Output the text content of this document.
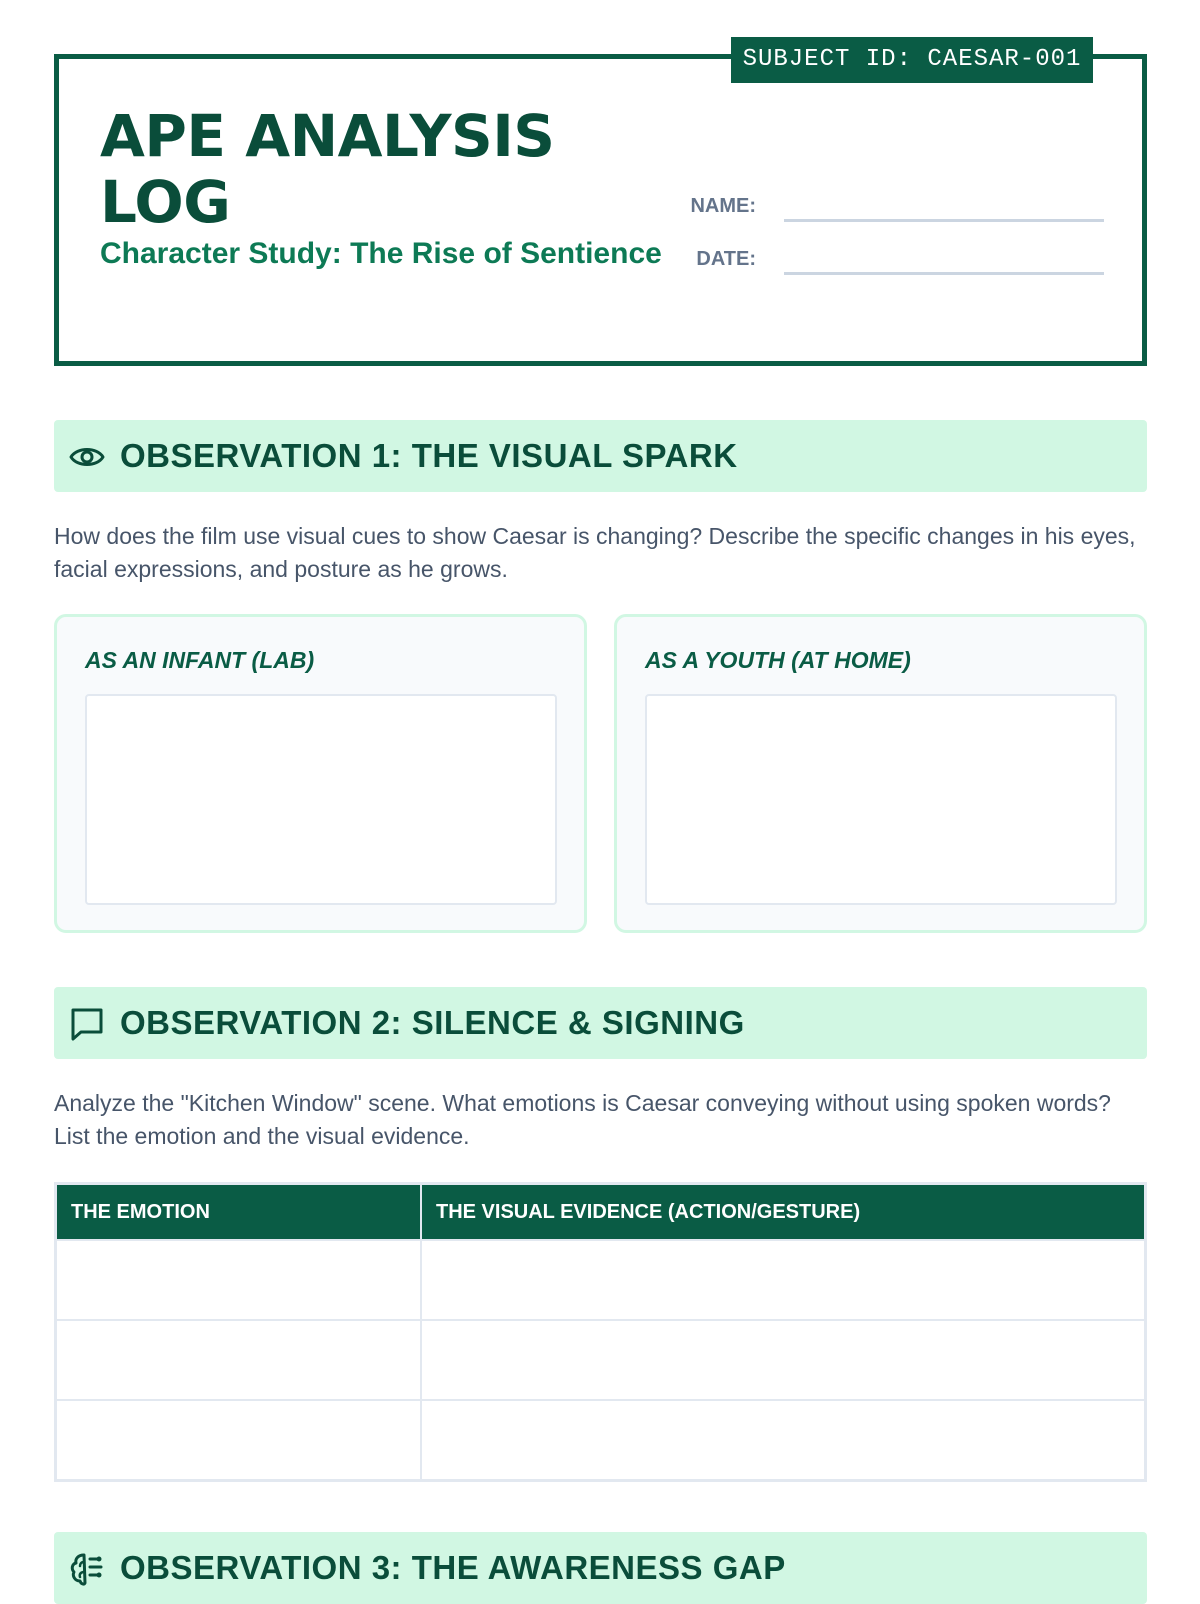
SUBJECT ID: CAESAR-001
APE ANALYSIS LOG
Character Study: The Rise of Sentience
NAME:
DATE:
OBSERVATION 1: THE VISUAL SPARK

How does the film use visual cues to show Caesar is changing? Describe the specific changes in his eyes, facial expressions, and posture as he grows.

AS AN INFANT (LAB)	AS A YOUTH (AT HOME)
OBSERVATION 2: SILENCE & SIGNING

Analyze the "Kitchen Window" scene. What emotions is Caesar conveying without using spoken words? List the emotion and the visual evidence.

THE EMOTION	THE VISUAL EVIDENCE (ACTION/GESTURE)

OBSERVATION 3: THE AWARENESS GAP
